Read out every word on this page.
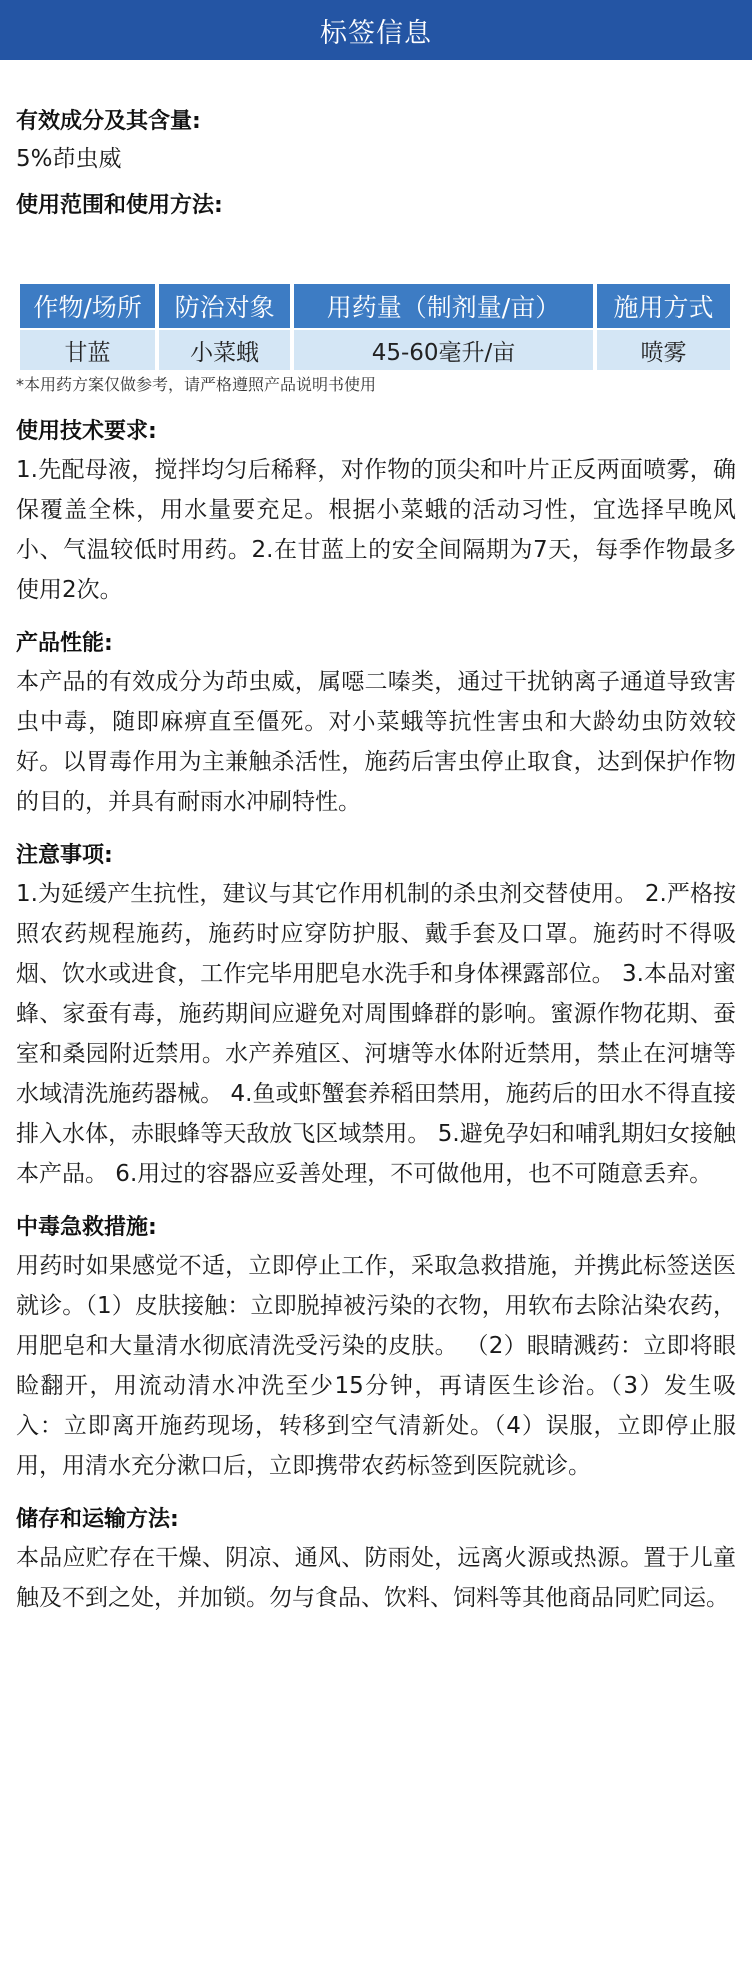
标签信息
有效成分及其含量:
5%茚虫威
使用范围和使用方法:
作物/场所	防治对象	用药量（制剂量/亩）	施用方式
甘蓝	小菜蛾	45-60毫升/亩	喷雾
*本用药方案仅做参考，请严格遵照产品说明书使用
使用技术要求:
1.先配母液，搅拌均匀后稀释，对作物的顶尖和叶片正反两面喷雾，确保覆盖全株，用水量要充足。根据小菜蛾的活动习性，宜选择早晚风小、气温较低时用药。2.在甘蓝上的安全间隔期为7天，每季作物最多使用2次。
产品性能:
本产品的有效成分为茚虫威，属噁二嗪类，通过干扰钠离子通道导致害虫中毒，随即麻痹直至僵死。对小菜蛾等抗性害虫和大龄幼虫防效较好。以胃毒作用为主兼触杀活性，施药后害虫停止取食，达到保护作物的目的，并具有耐雨水冲刷特性。
注意事项:
1.为延缓产生抗性，建议与其它作用机制的杀虫剂交替使用。 2.严格按照农药规程施药，施药时应穿防护服、戴手套及口罩。施药时不得吸烟、饮水或进食，工作完毕用肥皂水洗手和身体裸露部位。 3.本品对蜜蜂、家蚕有毒，施药期间应避免对周围蜂群的影响。蜜源作物花期、蚕室和桑园附近禁用。水产养殖区、河塘等水体附近禁用，禁止在河塘等水域清洗施药器械。 4.鱼或虾蟹套养稻田禁用，施药后的田水不得直接排入水体，赤眼蜂等天敌放飞区域禁用。 5.避免孕妇和哺乳期妇女接触本产品。 6.用过的容器应妥善处理，不可做他用，也不可随意丢弃。
中毒急救措施:
用药时如果感觉不适，立即停止工作，采取急救措施，并携此标签送医就诊。（1）皮肤接触：立即脱掉被污染的衣物，用软布去除沾染农药，用肥皂和大量清水彻底清洗受污染的皮肤。 （2）眼睛溅药：立即将眼睑翻开，用流动清水冲洗至少15分钟，再请医生诊治。（3）发生吸入：立即离开施药现场，转移到空气清新处。（4）误服，立即停止服用，用清水充分漱口后，立即携带农药标签到医院就诊。
储存和运输方法:
本品应贮存在干燥、阴凉、通风、防雨处，远离火源或热源。置于儿童触及不到之处，并加锁。勿与食品、饮料、饲料等其他商品同贮同运。
